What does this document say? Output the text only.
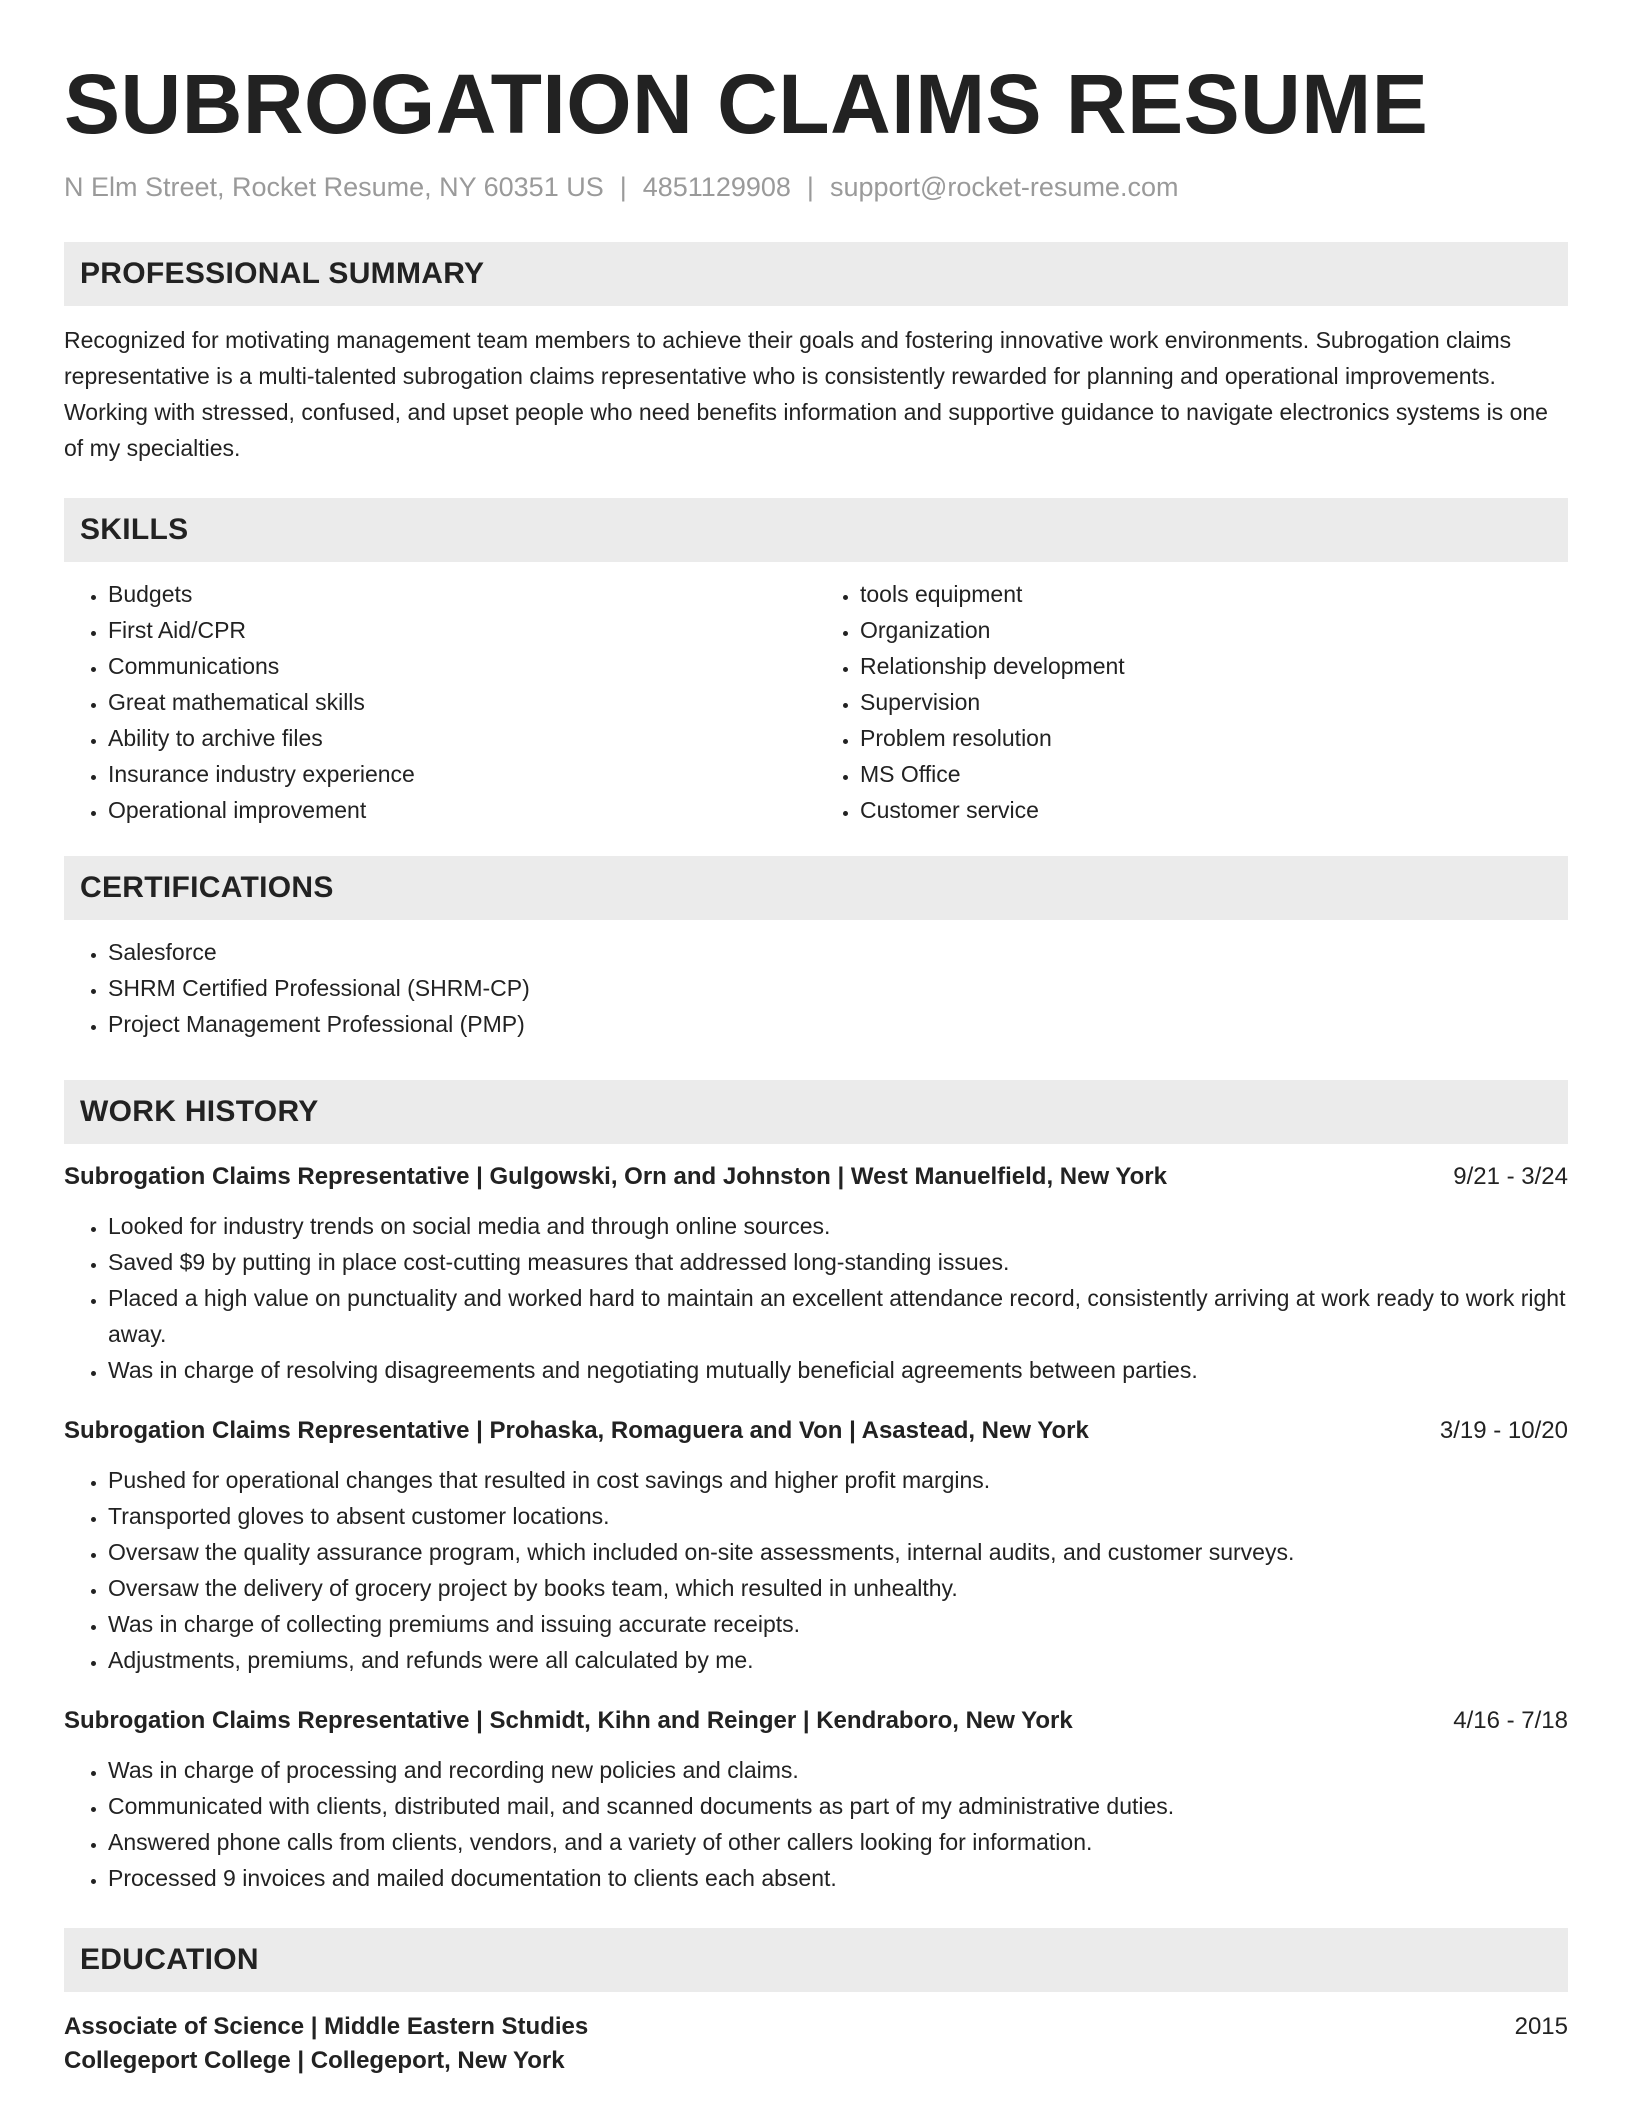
SUBROGATION CLAIMS RESUME
N Elm Street, Rocket Resume, NY 60351 US | 4851129908 | support@rocket-resume.com
PROFESSIONAL SUMMARY

Recognized for motivating management team members to achieve their goals and fostering innovative work environments. Subrogation claims representative is a multi-talented subrogation claims representative who is consistently rewarded for planning and operational improvements. Working with stressed, confused, and upset people who need benefits information and supportive guidance to navigate electronics systems is one of my specialties.

SKILLS
• Budgets
• First Aid/CPR
• Communications
• Great mathematical skills
• Ability to archive files
• Insurance industry experience
• Operational improvement
• tools equipment
• Organization
• Relationship development
• Supervision
• Problem resolution
• MS Office
• Customer service
CERTIFICATIONS
• Salesforce
• SHRM Certified Professional (SHRM-CP)
• Project Management Professional (PMP)
WORK HISTORY
Subrogation Claims Representative | Gulgowski, Orn and Johnston | West Manuelfield, New York	9/21 - 3/24
• Looked for industry trends on social media and through online sources.
• Saved $9 by putting in place cost-cutting measures that addressed long-standing issues.
• Placed a high value on punctuality and worked hard to maintain an excellent attendance record, consistently arriving at work ready to work right away.
• Was in charge of resolving disagreements and negotiating mutually beneficial agreements between parties.
Subrogation Claims Representative | Prohaska, Romaguera and Von | Asastead, New York	3/19 - 10/20
• Pushed for operational changes that resulted in cost savings and higher profit margins.
• Transported gloves to absent customer locations.
• Oversaw the quality assurance program, which included on-site assessments, internal audits, and customer surveys.
• Oversaw the delivery of grocery project by books team, which resulted in unhealthy.
• Was in charge of collecting premiums and issuing accurate receipts.
• Adjustments, premiums, and refunds were all calculated by me.
Subrogation Claims Representative | Schmidt, Kihn and Reinger | Kendraboro, New York	4/16 - 7/18
• Was in charge of processing and recording new policies and claims.
• Communicated with clients, distributed mail, and scanned documents as part of my administrative duties.
• Answered phone calls from clients, vendors, and a variety of other callers looking for information.
• Processed 9 invoices and mailed documentation to clients each absent.
EDUCATION
Associate of Science | Middle Eastern Studies	2015
Collegeport College | Collegeport, New York
